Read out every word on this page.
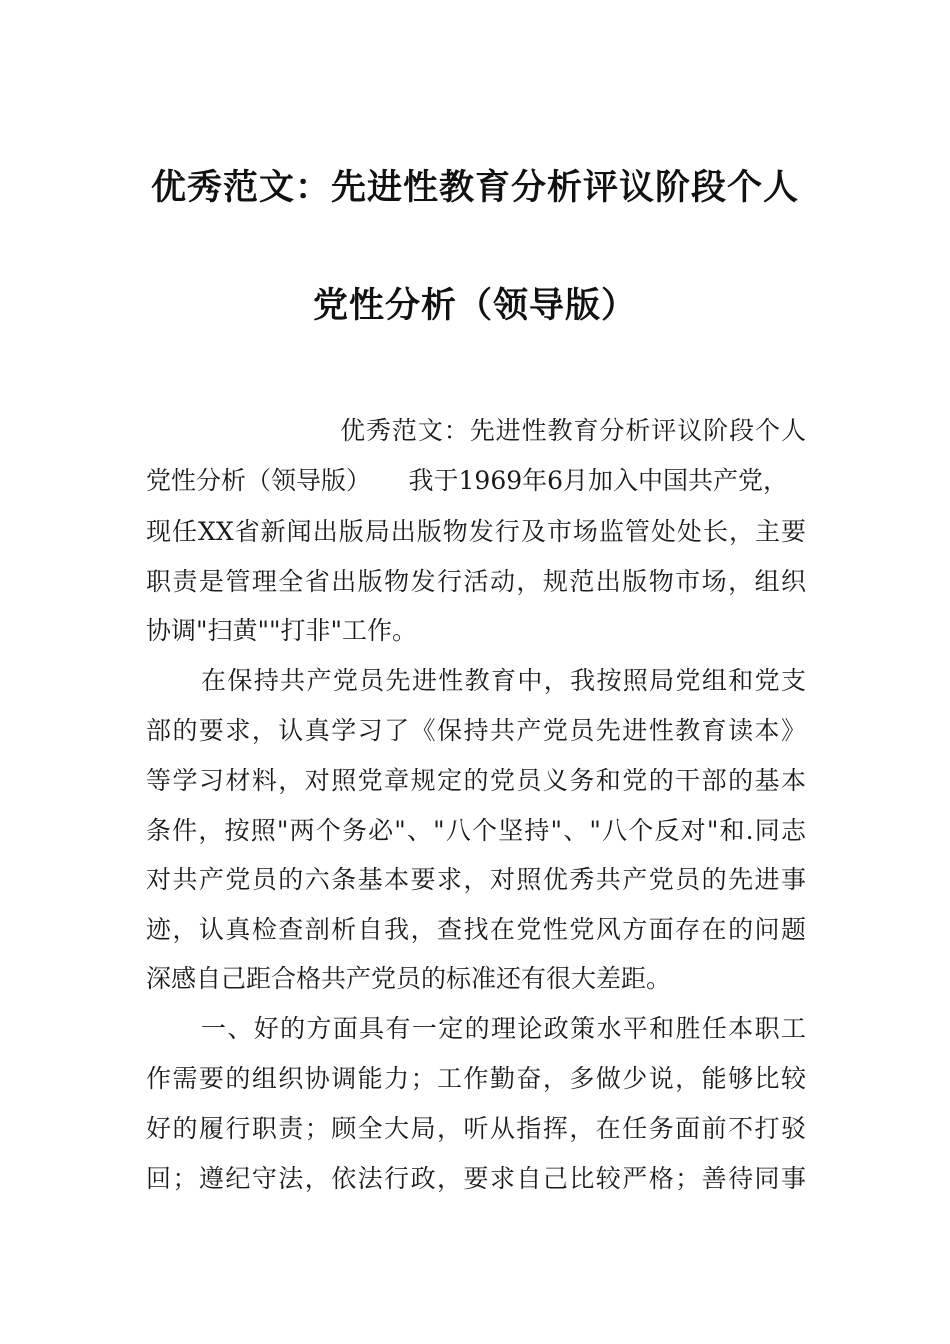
优秀范文：先进性教育分析评议阶段个人
党性分析（领导版）
优秀范文：先进性教育分析评议阶段个人
党性分析（领导版）　　我于1969年6月加入中国共产党，
现任XX省新闻出版局出版物发行及市场监管处处长，主要
职责是管理全省出版物发行活动，规范出版物市场，组织
协调"扫黄""打非"工作。
在保持共产党员先进性教育中，我按照局党组和党支
部的要求，认真学习了《保持共产党员先进性教育读本》
等学习材料，对照党章规定的党员义务和党的干部的基本
条件，按照"两个务必"、"八个坚持"、"八个反对"和.同志
对共产党员的六条基本要求，对照优秀共产党员的先进事
迹，认真检查剖析自我，查找在党性党风方面存在的问题
深感自己距合格共产党员的标准还有很大差距。
一、好的方面具有一定的理论政策水平和胜任本职工
作需要的组织协调能力；工作勤奋，多做少说，能够比较
好的履行职责；顾全大局，听从指挥，在任务面前不打驳
回；遵纪守法，依法行政，要求自己比较严格；善待同事
